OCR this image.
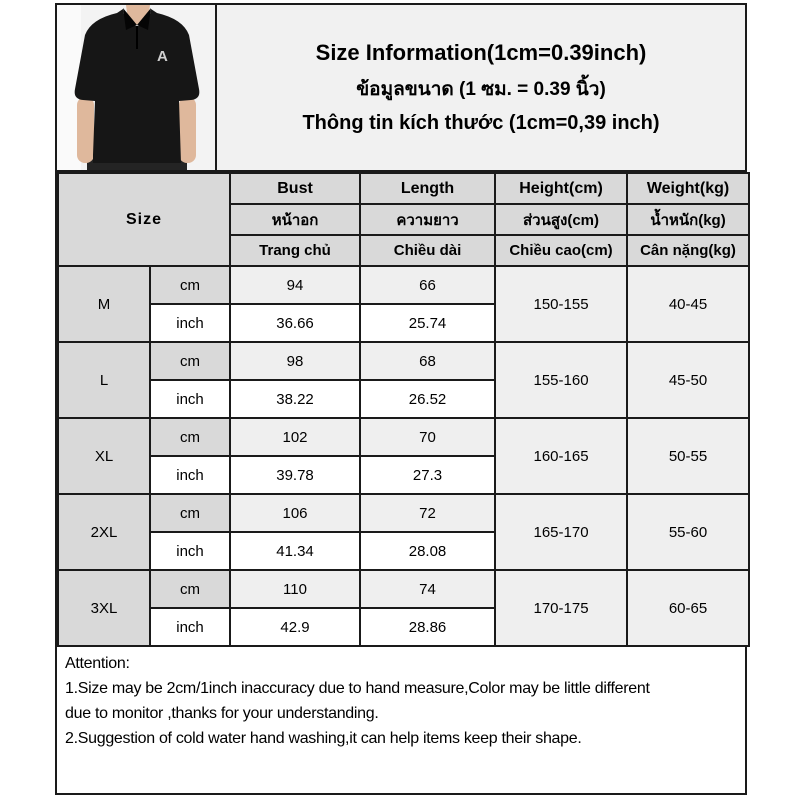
A	Size Information(1cm=0.39inch)
ข้อมูลขนาด (1 ซม. = 0.39 นิ้ว)
Thông tin kích thước (1cm=0,39 inch)
Size		Bust	Length	Height(cm)	Weight(kg)
		หน้าอก	ความยาว	ส่วนสูง(cm)	น้ำหนัก(kg)
		Trang chủ	Chiều dài	Chiều cao(cm)	Cân nặng(kg)
M	cm	94	66	150-155	40-45
	inch	36.66	25.74		
L	cm	98	68	155-160	45-50
	inch	38.22	26.52		
XL	cm	102	70	160-165	50-55
	inch	39.78	27.3		
2XL	cm	106	72	165-170	55-60
	inch	41.34	28.08		
3XL	cm	110	74	170-175	60-65
	inch	42.9	28.86		
Attention:
1.Size may be 2cm/1inch inaccuracy due to hand measure,Color may be little different
due to monitor ,thanks for your understanding.
2.Suggestion of cold water hand washing,it can help items keep their shape.
